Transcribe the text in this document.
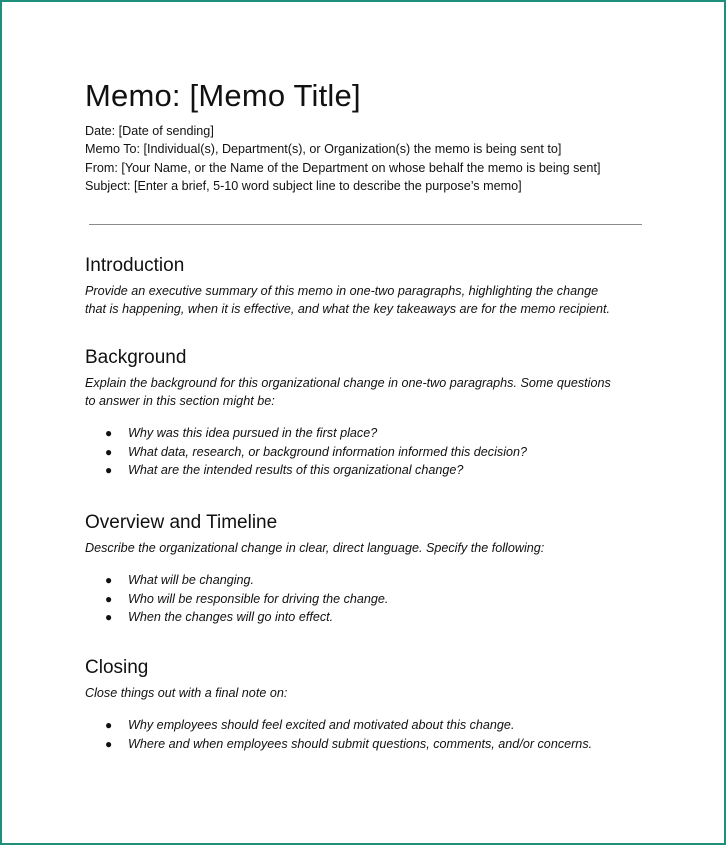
Memo: [Memo Title]
Date: [Date of sending]
Memo To: [Individual(s), Department(s), or Organization(s) the memo is being sent to]
From: [Your Name, or the Name of the Department on whose behalf the memo is being sent]
Subject: [Enter a brief, 5-10 word subject line to describe the purpose’s memo]
Introduction

Provide an executive summary of this memo in one-two paragraphs, highlighting the change
that is happening, when it is effective, and what the key takeaways are for the memo recipient.

Background

Explain the background for this organizational change in one-two paragraphs. Some questions
to answer in this section might be:

● Why was this idea pursued in the first place?
● What data, research, or background information informed this decision?
● What are the intended results of this organizational change?
Overview and Timeline

Describe the organizational change in clear, direct language. Specify the following:

● What will be changing.
● Who will be responsible for driving the change.
● When the changes will go into effect.
Closing

Close things out with a final note on:

● Why employees should feel excited and motivated about this change.
● Where and when employees should submit questions, comments, and/or concerns.
